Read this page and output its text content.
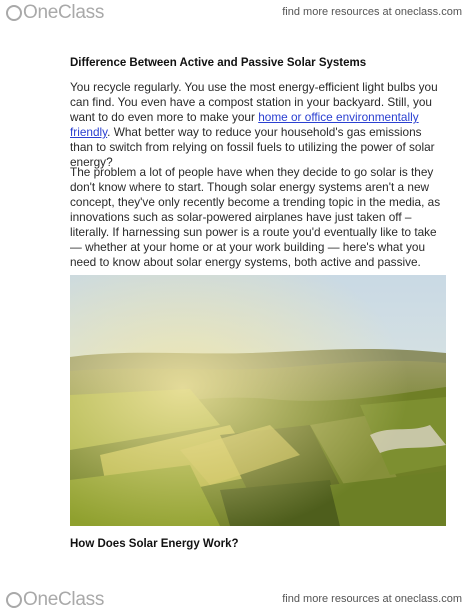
OneClass	find more resources at oneclass.com
Difference Between Active and Passive Solar Systems

You recycle regularly. You use the most energy-efficient light bulbs you can find. You even have a compost station in your backyard. Still, you want to do even more to make your home or office environmentally friendly. What better way to reduce your household's gas emissions than to switch from relying on fossil fuels to utilizing the power of solar energy?

The problem a lot of people have when they decide to go solar is they don't know where to start. Though solar energy systems aren't a new concept, they've only recently become a trending topic in the media, as innovations such as solar-powered airplanes have just taken off – literally. If harnessing sun power is a route you'd eventually like to take — whether at your home or at your work building — here's what you need to know about solar energy systems, both active and passive.

How Does Solar Energy Work?
OneClass	find more resources at oneclass.com
